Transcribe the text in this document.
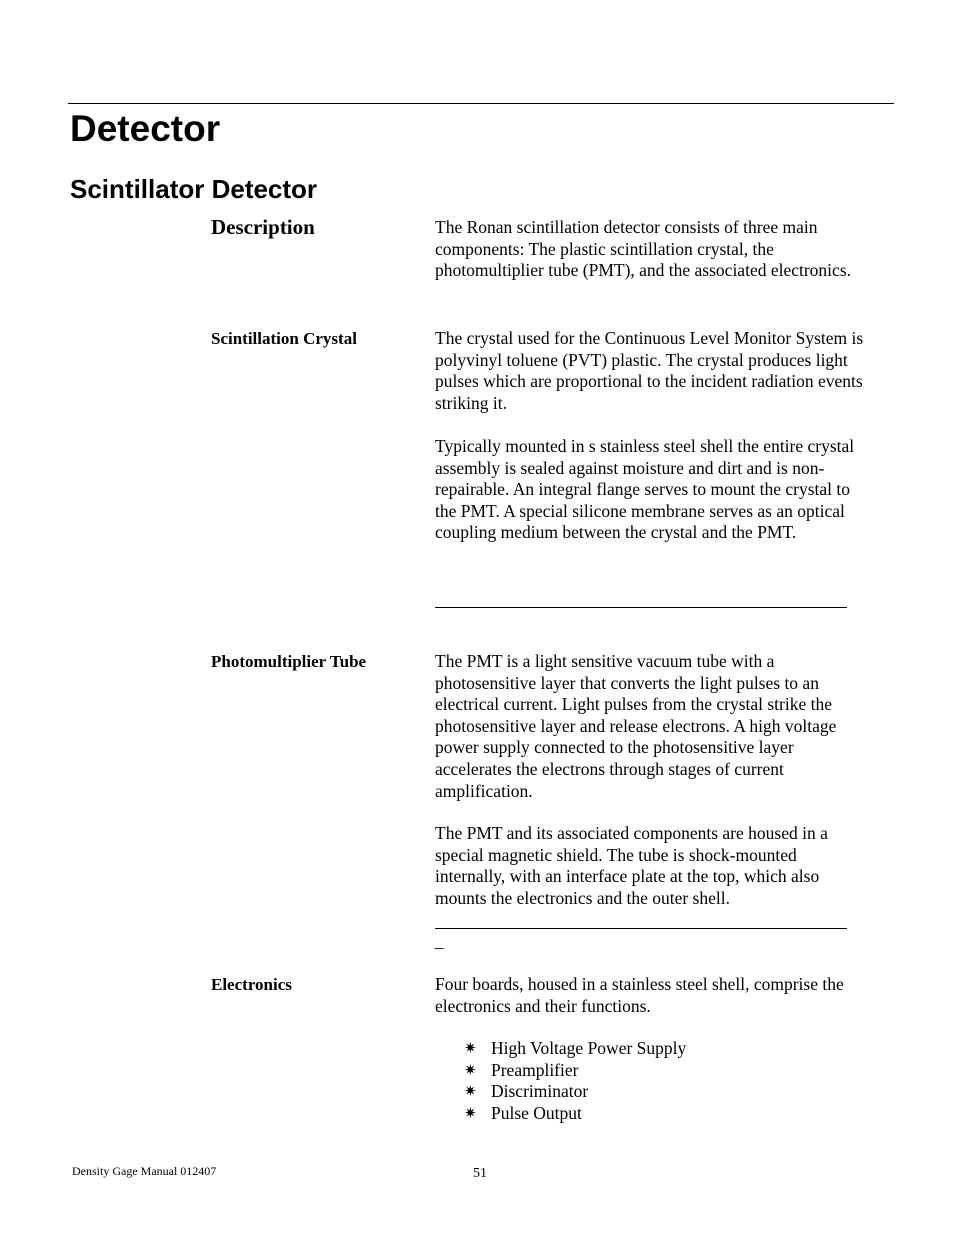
Detector
Scintillator Detector
Description	The Ronan scintillation detector consists of three main components: The plastic scintillation crystal, the photomultiplier tube (PMT), and the associated electronics.

Scintillation Crystal	The crystal used for the Continuous Level Monitor System is polyvinyl toluene (PVT) plastic. The crystal produces light pulses which are proportional to the incident radiation events striking it.

Typically mounted in s stainless steel shell the entire crystal assembly is sealed against moisture and dirt and is non-repairable. An integral flange serves to mount the crystal to the PMT. A special silicone membrane serves as an optical coupling medium between the crystal and the PMT.

Photomultiplier Tube	The PMT is a light sensitive vacuum tube with a photosensitive layer that converts the light pulses to an electrical current. Light pulses from the crystal strike the photosensitive layer and release electrons. A high voltage power supply connected to the photosensitive layer accelerates the electrons through stages of current amplification.

The PMT and its associated components are housed in a special magnetic shield. The tube is shock-mounted internally, with an interface plate at the top, which also mounts the electronics and the outer shell.

_
Electronics	Four boards, housed in a stainless steel shell, comprise the electronics and their functions.

✷ High Voltage Power Supply
✷ Preamplifier
✷ Discriminator
✷ Pulse Output
Density Gage Manual 012407	51
